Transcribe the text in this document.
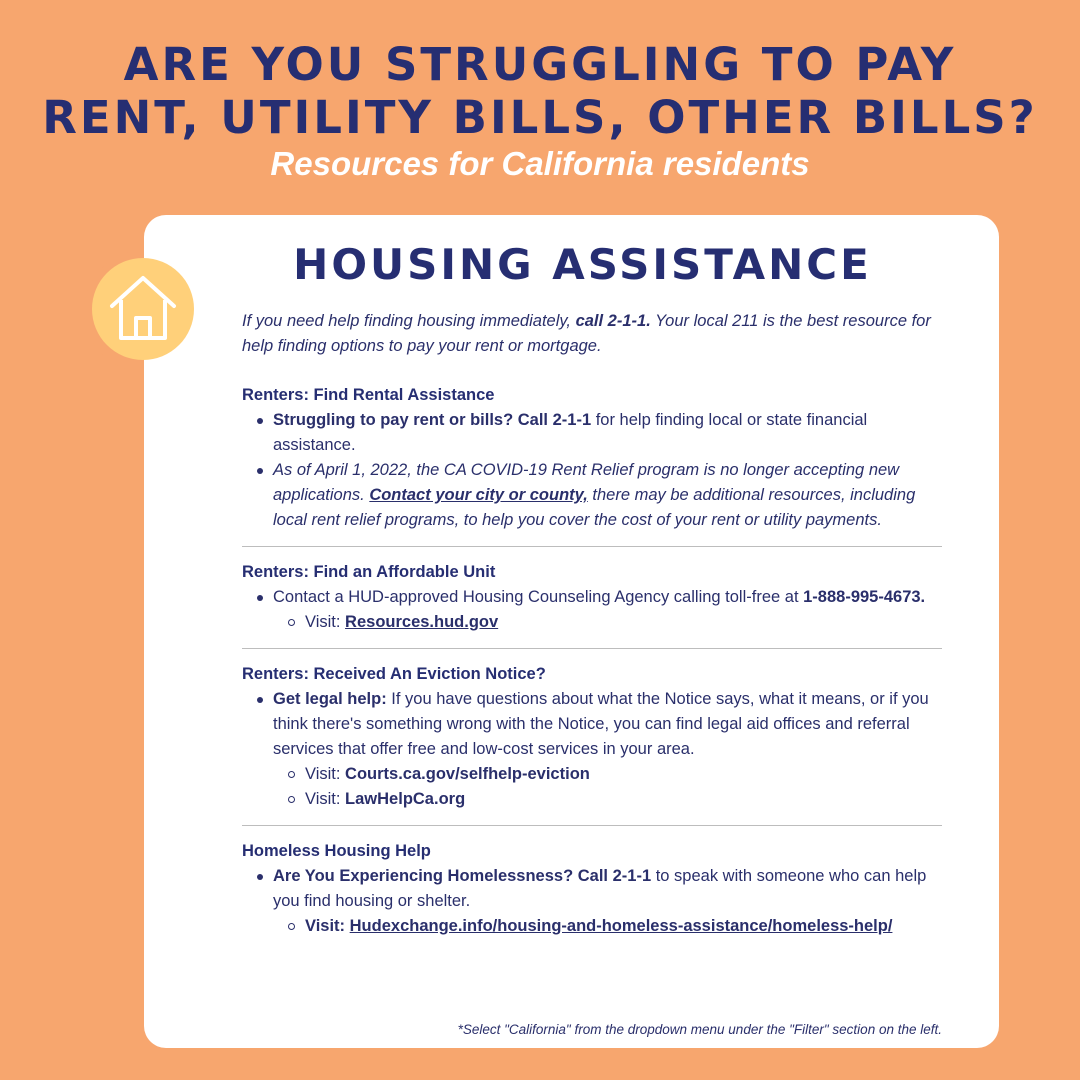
ARE YOU STRUGGLING TO PAY
RENT, UTILITY BILLS, OTHER BILLS?

Resources for California residents

HOUSING ASSISTANCE

If you need help finding housing immediately, call 2-1-1. Your local 211 is the best resource for help finding options to pay your rent or mortgage.

Renters: Find Rental Assistance

Struggling to pay rent or bills? Call 2-1-1 for help finding local or state financial assistance.
As of April 1, 2022, the CA COVID-19 Rent Relief program is no longer accepting new applications. Contact your city or county, there may be additional resources, including local rent relief programs, to help you cover the cost of your rent or utility payments.

Renters: Find an Affordable Unit

Contact a HUD-approved Housing Counseling Agency calling toll-free at 1-888-995-4673.
Visit: Resources.hud.gov

Renters: Received An Eviction Notice?

Get legal help: If you have questions about what the Notice says, what it means, or if you think there's something wrong with the Notice, you can find legal aid offices and referral services that offer free and low-cost services in your area.
Visit: Courts.ca.gov/selfhelp-eviction
Visit: LawHelpCa.org

Homeless Housing Help

Are You Experiencing Homelessness? Call 2-1-1 to speak with someone who can help you find housing or shelter.
Visit: Hudexchange.info/housing-and-homeless-assistance/homeless-help/
*Select "California" from the dropdown menu under the "Filter" section on the left.
